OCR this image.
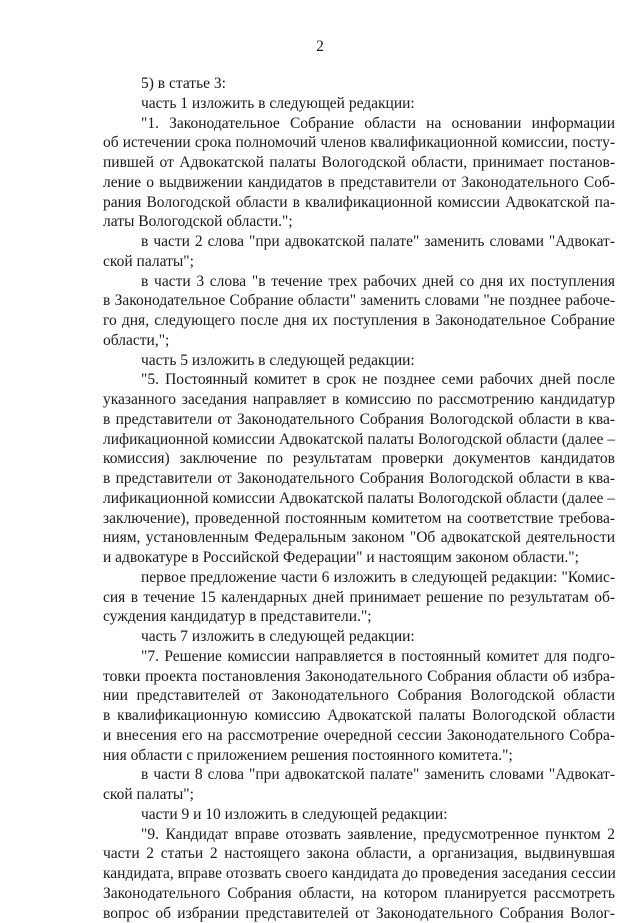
2
5) в статье 3:
часть 1 изложить в следующей редакции:
"1. Законодательное Собрание области на основании информации
об истечении срока полномочий членов квалификационной комиссии, посту-
пившей от Адвокатской палаты Вологодской области, принимает постанов-
ление о выдвижении кандидатов в представители от Законодательного Соб-
рания Вологодской области в квалификационной комиссии Адвокатской па-
латы Вологодской области.";
в части 2 слова "при адвокатской палате" заменить словами "Адвокат-
ской палаты";
в части 3 слова "в течение трех рабочих дней со дня их поступления
в Законодательное Собрание области" заменить словами "не позднее рабоче-
го дня, следующего после дня их поступления в Законодательное Собрание
области,";
часть 5 изложить в следующей редакции:
"5. Постоянный комитет в срок не позднее семи рабочих дней после
указанного заседания направляет в комиссию по рассмотрению кандидатур
в представители от Законодательного Собрания Вологодской области в ква-
лификационной комиссии Адвокатской палаты Вологодской области (далее –
комиссия) заключение по результатам проверки документов кандидатов
в представители от Законодательного Собрания Вологодской области в ква-
лификационной комиссии Адвокатской палаты Вологодской области (далее –
заключение), проведенной постоянным комитетом на соответствие требова-
ниям, установленным Федеральным законом "Об адвокатской деятельности
и адвокатуре в Российской Федерации" и настоящим законом области.";
первое предложение части 6 изложить в следующей редакции: "Комис-
сия в течение 15 календарных дней принимает решение по результатам об-
суждения кандидатур в представители.";
часть 7 изложить в следующей редакции:
"7. Решение комиссии направляется в постоянный комитет для подго-
товки проекта постановления Законодательного Собрания области об избра-
нии представителей от Законодательного Собрания Вологодской области
в квалификационную комиссию Адвокатской палаты Вологодской области
и внесения его на рассмотрение очередной сессии Законодательного Собра-
ния области с приложением решения постоянного комитета.";
в части 8 слова "при адвокатской палате" заменить словами "Адвокат-
ской палаты";
части 9 и 10 изложить в следующей редакции:
"9. Кандидат вправе отозвать заявление, предусмотренное пунктом 2
части 2 статьи 2 настоящего закона области, а организация, выдвинувшая
кандидата, вправе отозвать своего кандидата до проведения заседания сессии
Законодательного Собрания области, на котором планируется рассмотреть
вопрос об избрании представителей от Законодательного Собрания Волог-
